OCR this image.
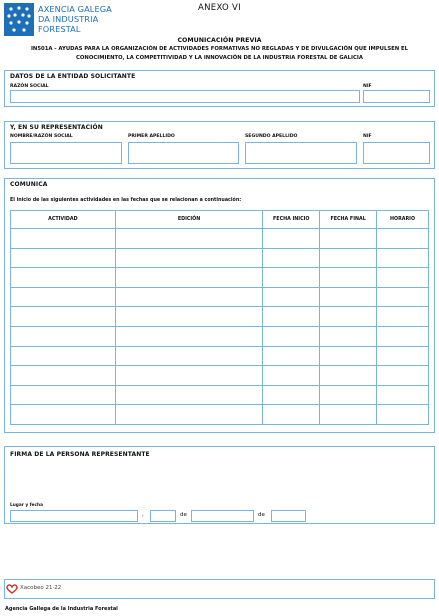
AXENCIA GALEGA
DA INDUSTRIA
FORESTAL
ANEXO VI
COMUNICACIÓN PREVIA
IN501A - AYUDAS PARA LA ORGANIZACIÓN DE ACTIVIDADES FORMATIVAS NO REGLADAS Y DE DIVULGACIÓN QUE IMPULSEN EL CONOCIMIENTO, LA COMPETITIVIDAD Y LA INNOVACIÓN DE LA INDUSTRIA FORESTAL DE GALICIA
DATOS DE LA ENTIDAD SOLICITANTE
RAZÓN SOCIAL	NIF
Y, EN SU REPRESENTACIÓN
NOMBRE/RAZÓN SOCIAL	PRIMER APELLIDO	SEGUNDO APELLIDO	NIF
COMUNICA
El inicio de las siguientes actividades en las fechas que se relacionan a continuación:
ACTIVIDAD	EDICIÓN	FECHA INICIO	FECHA FINAL	HORARIO

FIRMA DE LA PERSONA REPRESENTANTE
Lugar y fecha
,	de	de
Xacobeo 21·22
Agencia Gallega de la Industria Forestal
